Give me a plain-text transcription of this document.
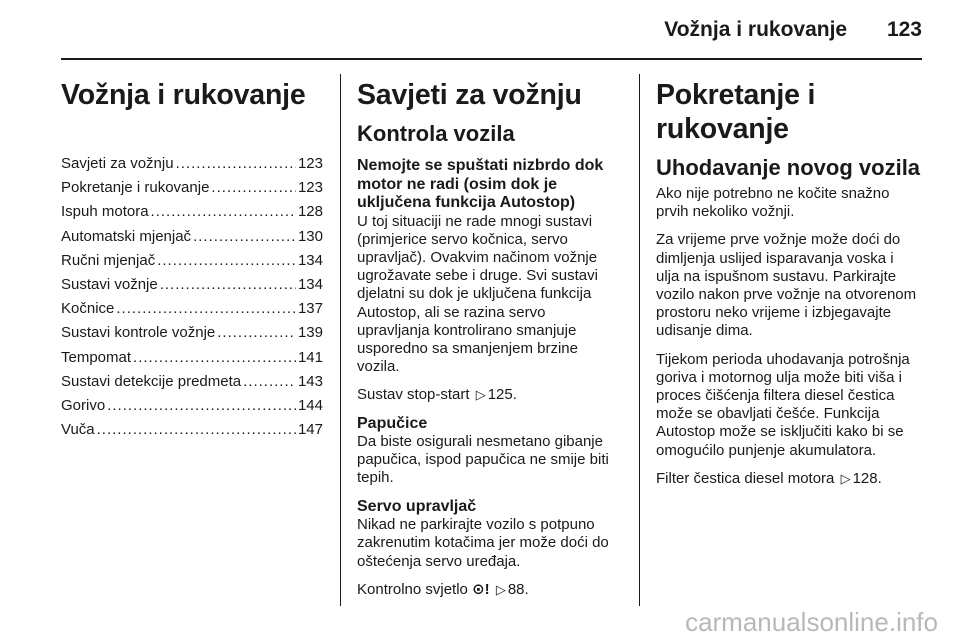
Vožnja i rukovanje 123
Vožnja i rukovanje
Savjeti za vožnju .....	123
Pokretanje i rukovanje .....	123
Ispuh motora .....	128
Automatski mjenjač .....	130
Ručni mjenjač .....	134
Sustavi vožnje .....	134
Kočnice .....	137
Sustavi kontrole vožnje .....	139
Tempomat .....	141
Sustavi detekcije predmeta .....	143
Gorivo .....	144
Vuča .....	147
Savjeti za vožnju
Kontrola vozila
Nemojte se spuštati nizbrdo dok motor ne radi (osim dok je uključena funkcija Autostop)

U toj situaciji ne rade mnogi sustavi (primjerice servo kočnica, servo upravljač). Ovakvim načinom vožnje ugrožavate sebe i druge. Svi sustavi djelatni su dok je uključena funkcija Autostop, ali se razina servo upravljanja kontrolirano smanjuje usporedno sa smanjenjem brzine vozila.

Sustav stop-start ▷ 125.

Papučice

Da biste osigurali nesmetano gibanje papučica, ispod papučica ne smije biti tepih.

Servo upravljač

Nikad ne parkirajte vozilo s potpuno zakrenutim kotačima jer može doći do oštećenja servo uređaja.

Kontrolno svjetlo ⊙! ▷ 88.

Pokretanje i rukovanje
Uhodavanje novog vozila

Ako nije potrebno ne kočite snažno prvih nekoliko vožnji.

Za vrijeme prve vožnje može doći do dimljenja uslijed isparavanja voska i ulja na ispušnom sustavu. Parkirajte vozilo nakon prve vožnje na otvorenom prostoru neko vrijeme i izbjegavajte udisanje dima.

Tijekom perioda uhodavanja potrošnja goriva i motornog ulja može biti viša i proces čišćenja filtera diesel čestica može se obavljati češće. Funkcija Autostop može se isključiti kako bi se omogućilo punjenje akumulatora.

Filter čestica diesel motora ▷ 128.

carmanualsonline.info
